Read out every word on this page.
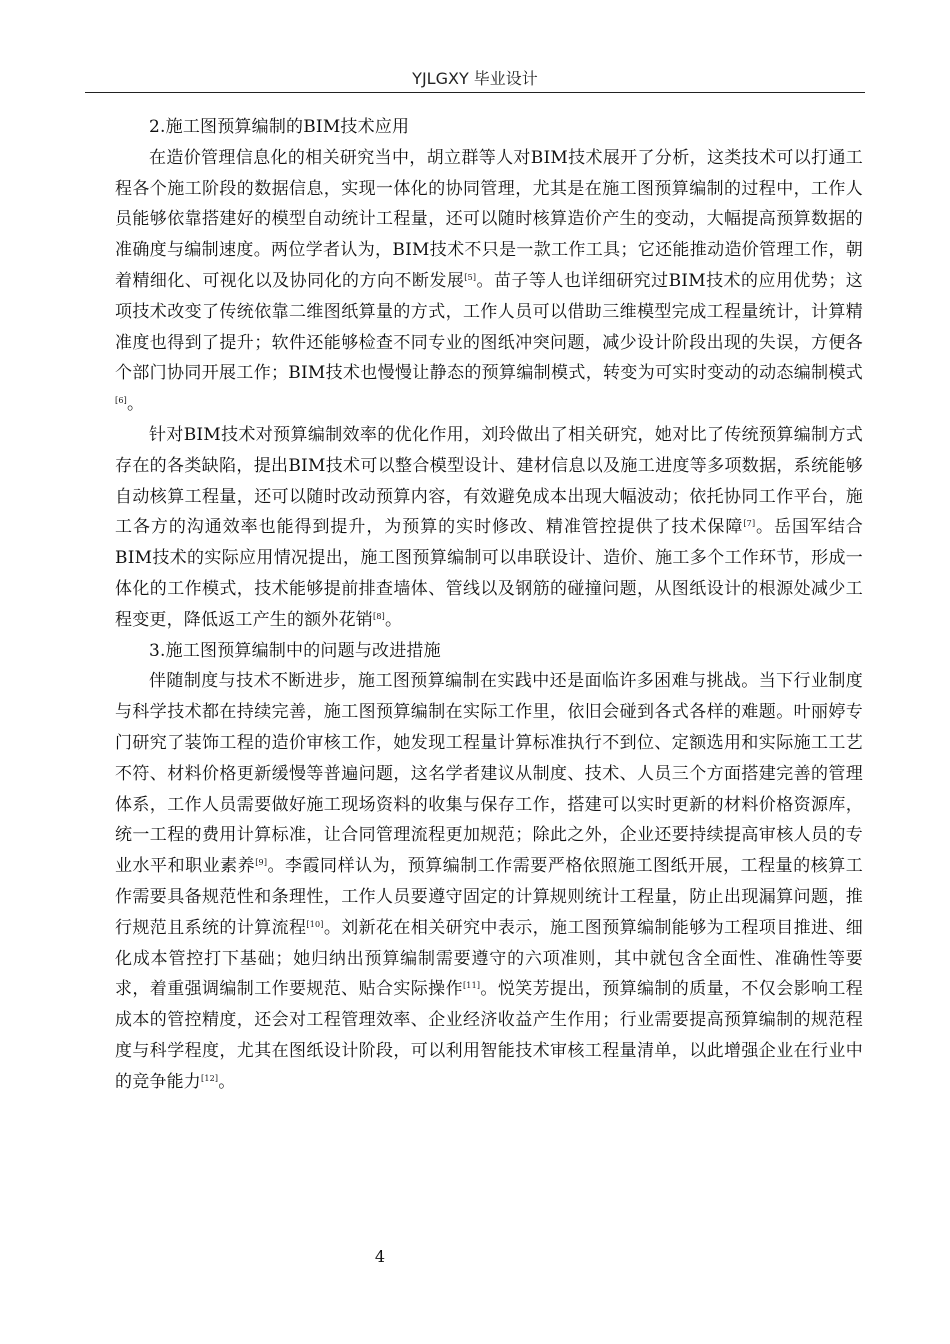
YJLGXY 毕业设计

2.施工图预算编制的BIM技术应用

在造价管理信息化的相关研究当中，胡立群等人对BIM技术展开了分析，这类技术可以打通工程各个施工阶段的数据信息，实现一体化的协同管理，尤其是在施工图预算编制的过程中，工作人员能够依靠搭建好的模型自动统计工程量，还可以随时核算造价产生的变动，大幅提高预算数据的准确度与编制速度。两位学者认为，BIM技术不只是一款工作工具；它还能推动造价管理工作，朝着精细化、可视化以及协同化的方向不断发展[5]。苗子等人也详细研究过BIM技术的应用优势；这项技术改变了传统依靠二维图纸算量的方式，工作人员可以借助三维模型完成工程量统计，计算精准度也得到了提升；软件还能够检查不同专业的图纸冲突问题，减少设计阶段出现的失误，方便各个部门协同开展工作；BIM技术也慢慢让静态的预算编制模式，转变为可实时变动的动态编制模式[6]。

针对BIM技术对预算编制效率的优化作用，刘玲做出了相关研究，她对比了传统预算编制方式存在的各类缺陷，提出BIM技术可以整合模型设计、建材信息以及施工进度等多项数据，系统能够自动核算工程量，还可以随时改动预算内容，有效避免成本出现大幅波动；依托协同工作平台，施工各方的沟通效率也能得到提升，为预算的实时修改、精准管控提供了技术保障[7]。岳国军结合BIM技术的实际应用情况提出，施工图预算编制可以串联设计、造价、施工多个工作环节，形成一体化的工作模式，技术能够提前排查墙体、管线以及钢筋的碰撞问题，从图纸设计的根源处减少工程变更，降低返工产生的额外花销[8]。

3.施工图预算编制中的问题与改进措施

伴随制度与技术不断进步，施工图预算编制在实践中还是面临许多困难与挑战。当下行业制度与科学技术都在持续完善，施工图预算编制在实际工作里，依旧会碰到各式各样的难题。叶丽婷专门研究了装饰工程的造价审核工作，她发现工程量计算标准执行不到位、定额选用和实际施工工艺不符、材料价格更新缓慢等普遍问题，这名学者建议从制度、技术、人员三个方面搭建完善的管理体系，工作人员需要做好施工现场资料的收集与保存工作，搭建可以实时更新的材料价格资源库，统一工程的费用计算标准，让合同管理流程更加规范；除此之外，企业还要持续提高审核人员的专业水平和职业素养[9]。李霞同样认为，预算编制工作需要严格依照施工图纸开展，工程量的核算工作需要具备规范性和条理性，工作人员要遵守固定的计算规则统计工程量，防止出现漏算问题，推行规范且系统的计算流程[10]。刘新花在相关研究中表示，施工图预算编制能够为工程项目推进、细化成本管控打下基础；她归纳出预算编制需要遵守的六项准则，其中就包含全面性、准确性等要求，着重强调编制工作要规范、贴合实际操作[11]。悦笑芳提出，预算编制的质量，不仅会影响工程成本的管控精度，还会对工程管理效率、企业经济收益产生作用；行业需要提高预算编制的规范程度与科学程度，尤其在图纸设计阶段，可以利用智能技术审核工程量清单，以此增强企业在行业中的竞争能力[12]。

4
